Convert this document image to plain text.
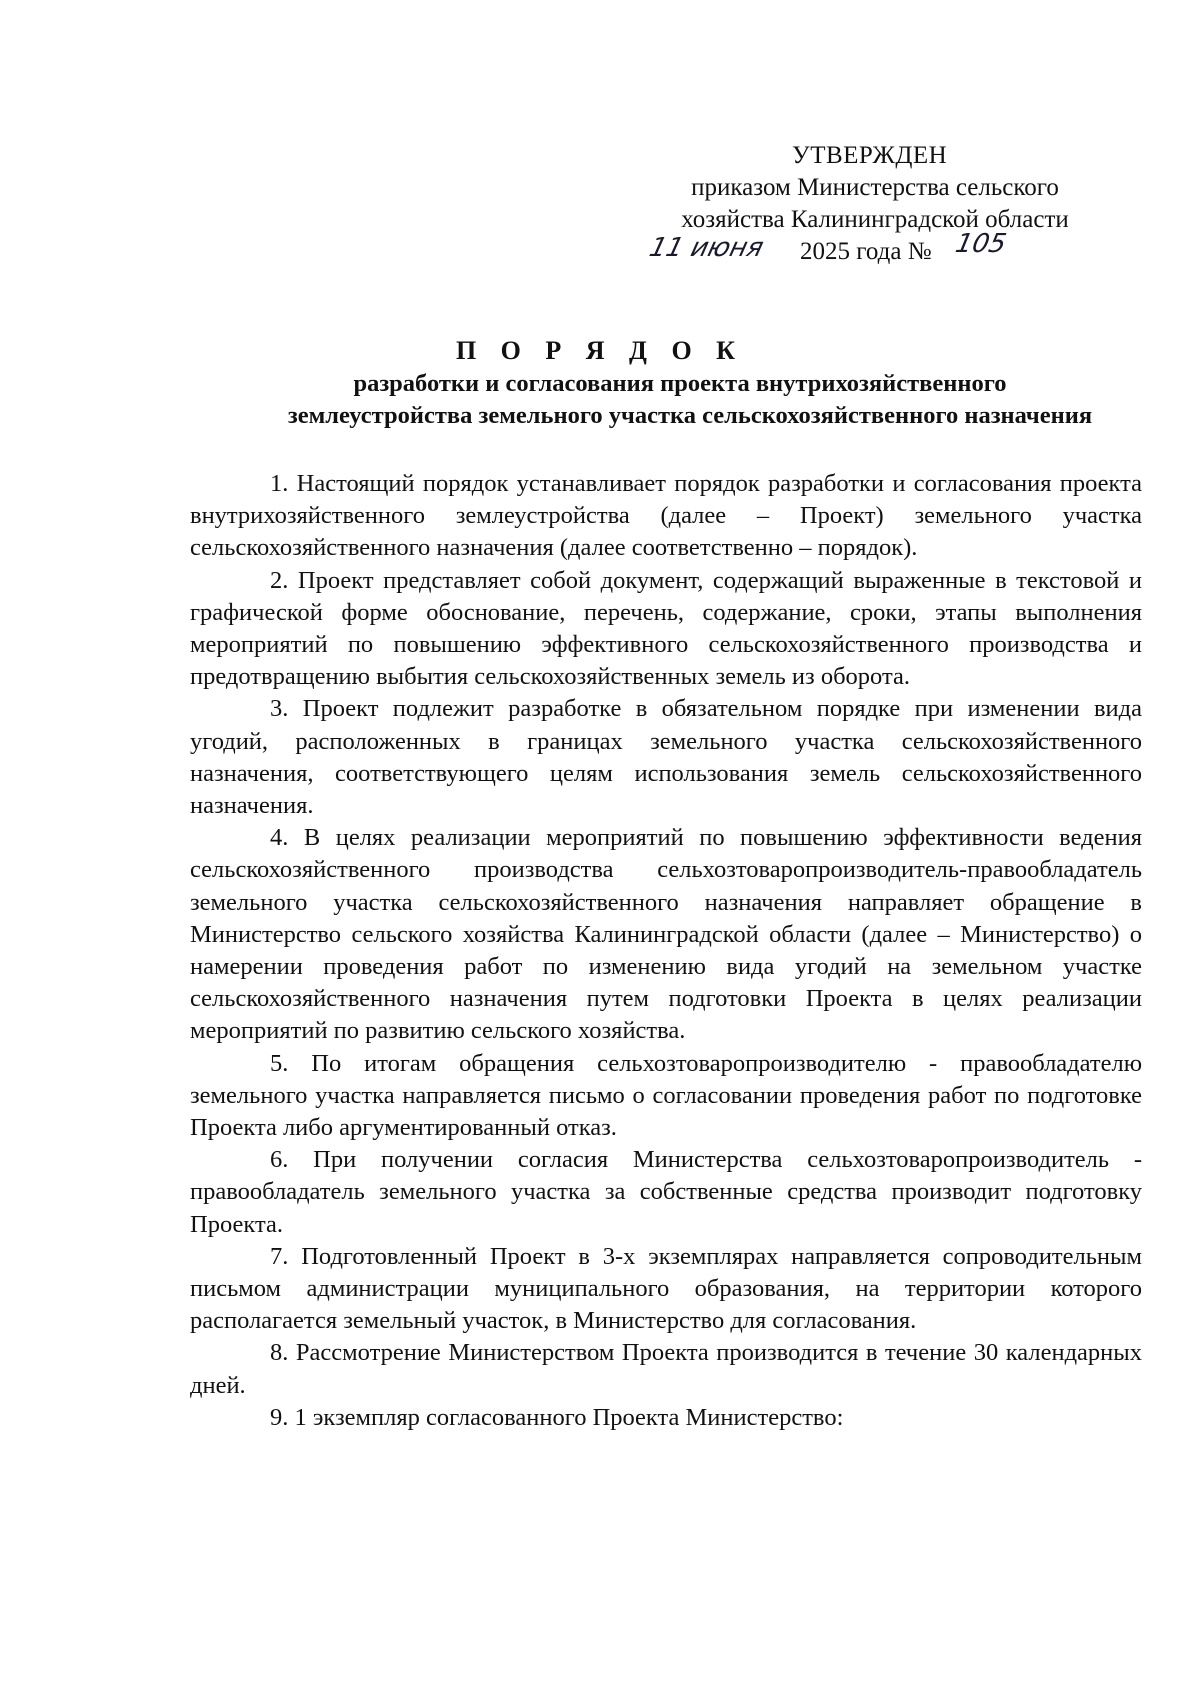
УТВЕРЖДЕН
приказом Министерства сельского
хозяйства Калининградской области
11 июня 2025 года № 105
П О Р Я Д О К
разработки и согласования проекта внутрихозяйственного
землеустройства земельного участка сельскохозяйственного назначения

1. Настоящий порядок устанавливает порядок разработки и согласования проекта внутрихозяйственного землеустройства (далее – Проект) земельного участка сельскохозяйственного назначения (далее соответственно – порядок).

2. Проект представляет собой документ, содержащий выраженные в текстовой и графической форме обоснование, перечень, содержание, сроки, этапы выполнения мероприятий по повышению эффективного сельскохозяйственного производства и предотвращению выбытия сельскохозяйственных земель из оборота.

3. Проект подлежит разработке в обязательном порядке при изменении вида угодий, расположенных в границах земельного участка сельскохозяйственного назначения, соответствующего целям использования земель сельскохозяйственного назначения.

4. В целях реализации мероприятий по повышению эффективности ведения сельскохозяйственного производства сельхозтоваропроизводитель-правообладатель земельного участка сельскохозяйственного назначения направляет обращение в Министерство сельского хозяйства Калининградской области (далее – Министерство) о намерении проведения работ по изменению вида угодий на земельном участке сельскохозяйственного назначения путем подготовки Проекта в целях реализации мероприятий по развитию сельского хозяйства.

5. По итогам обращения сельхозтоваропроизводителю - правообладателю земельного участка направляется письмо о согласовании проведения работ по подготовке Проекта либо аргументированный отказ.

6. При получении согласия Министерства сельхозтоваропроизводитель - правообладатель земельного участка за собственные средства производит подготовку Проекта.

7. Подготовленный Проект в 3-х экземплярах направляется сопроводительным письмом администрации муниципального образования, на территории которого располагается земельный участок, в Министерство для согласования.

8. Рассмотрение Министерством Проекта производится в течение 30 календарных дней.

9. 1 экземпляр согласованного Проекта Министерство:
